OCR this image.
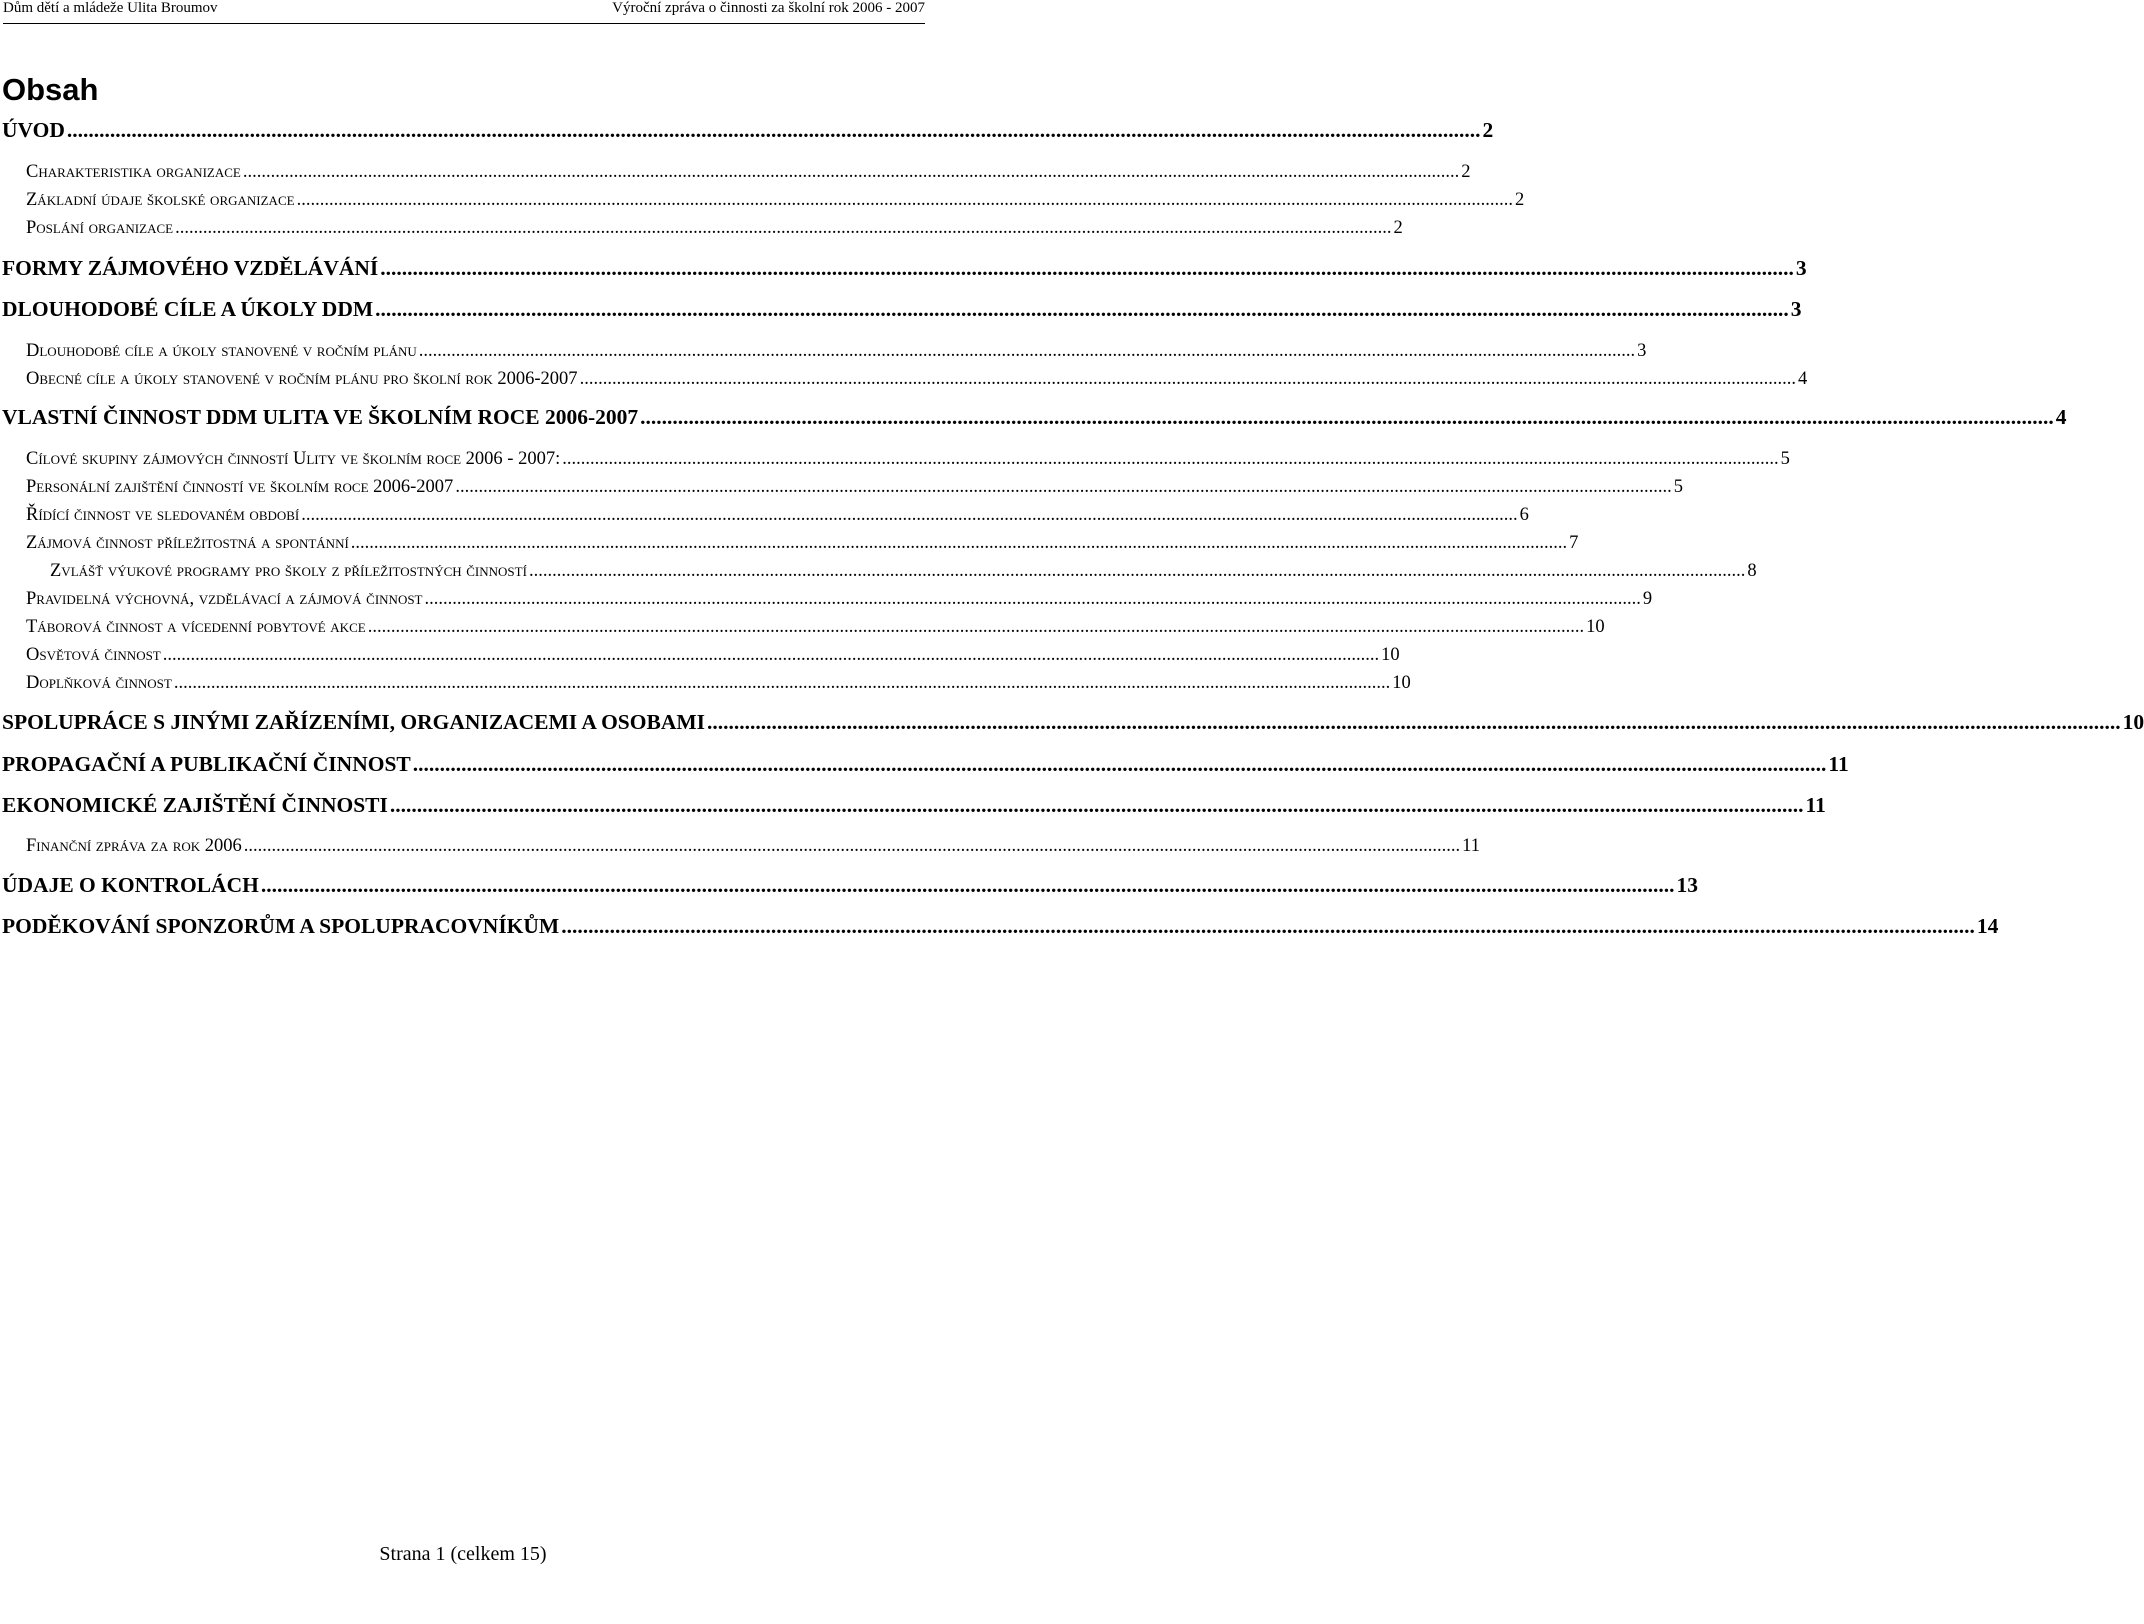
Dům dětí a mládeže Ulita Broumov	Výroční zpráva o činnosti za školní rok 2006 - 2007
Obsah
ÚVOD .....	2
Charakteristika organizace .....	2
Základní údaje školské organizace .....	2
Poslání organizace .....	2
FORMY ZÁJMOVÉHO VZDĚLÁVÁNÍ .....	3
DLOUHODOBÉ CÍLE A ÚKOLY DDM .....	3
Dlouhodobé cíle a úkoly stanovené v ročním plánu .....	3
Obecné cíle a úkoly stanovené v ročním plánu pro školní rok 2006-2007 .....	4
VLASTNÍ ČINNOST DDM ULITA VE ŠKOLNÍM ROCE 2006-2007 .....	4
Cílové skupiny zájmových činností Ulity ve školním roce 2006 - 2007: .....	5
Personální zajištění činností ve školním roce 2006-2007 .....	5
Řídící činnost ve sledovaném období .....	6
Zájmová činnost příležitostná a spontánní .....	7
Zvlášť výukové programy pro školy z příležitostných činností .....	8
Pravidelná výchovná, vzdělávací a zájmová činnost .....	9
Táborová činnost a vícedenní pobytové akce .....	10
Osvětová činnost .....	10
Doplňková činnost .....	10
SPOLUPRÁCE S JINÝMI ZAŘÍZENÍMI, ORGANIZACEMI A OSOBAMI .....	10
PROPAGAČNÍ A PUBLIKAČNÍ ČINNOST .....	11
EKONOMICKÉ ZAJIŠTĚNÍ ČINNOSTI .....	11
Finanční zpráva za rok 2006 .....	11
ÚDAJE O KONTROLÁCH .....	13
PODĚKOVÁNÍ SPONZORŮM A SPOLUPRACOVNÍKŮM .....	14
Strana 1 (celkem 15)
